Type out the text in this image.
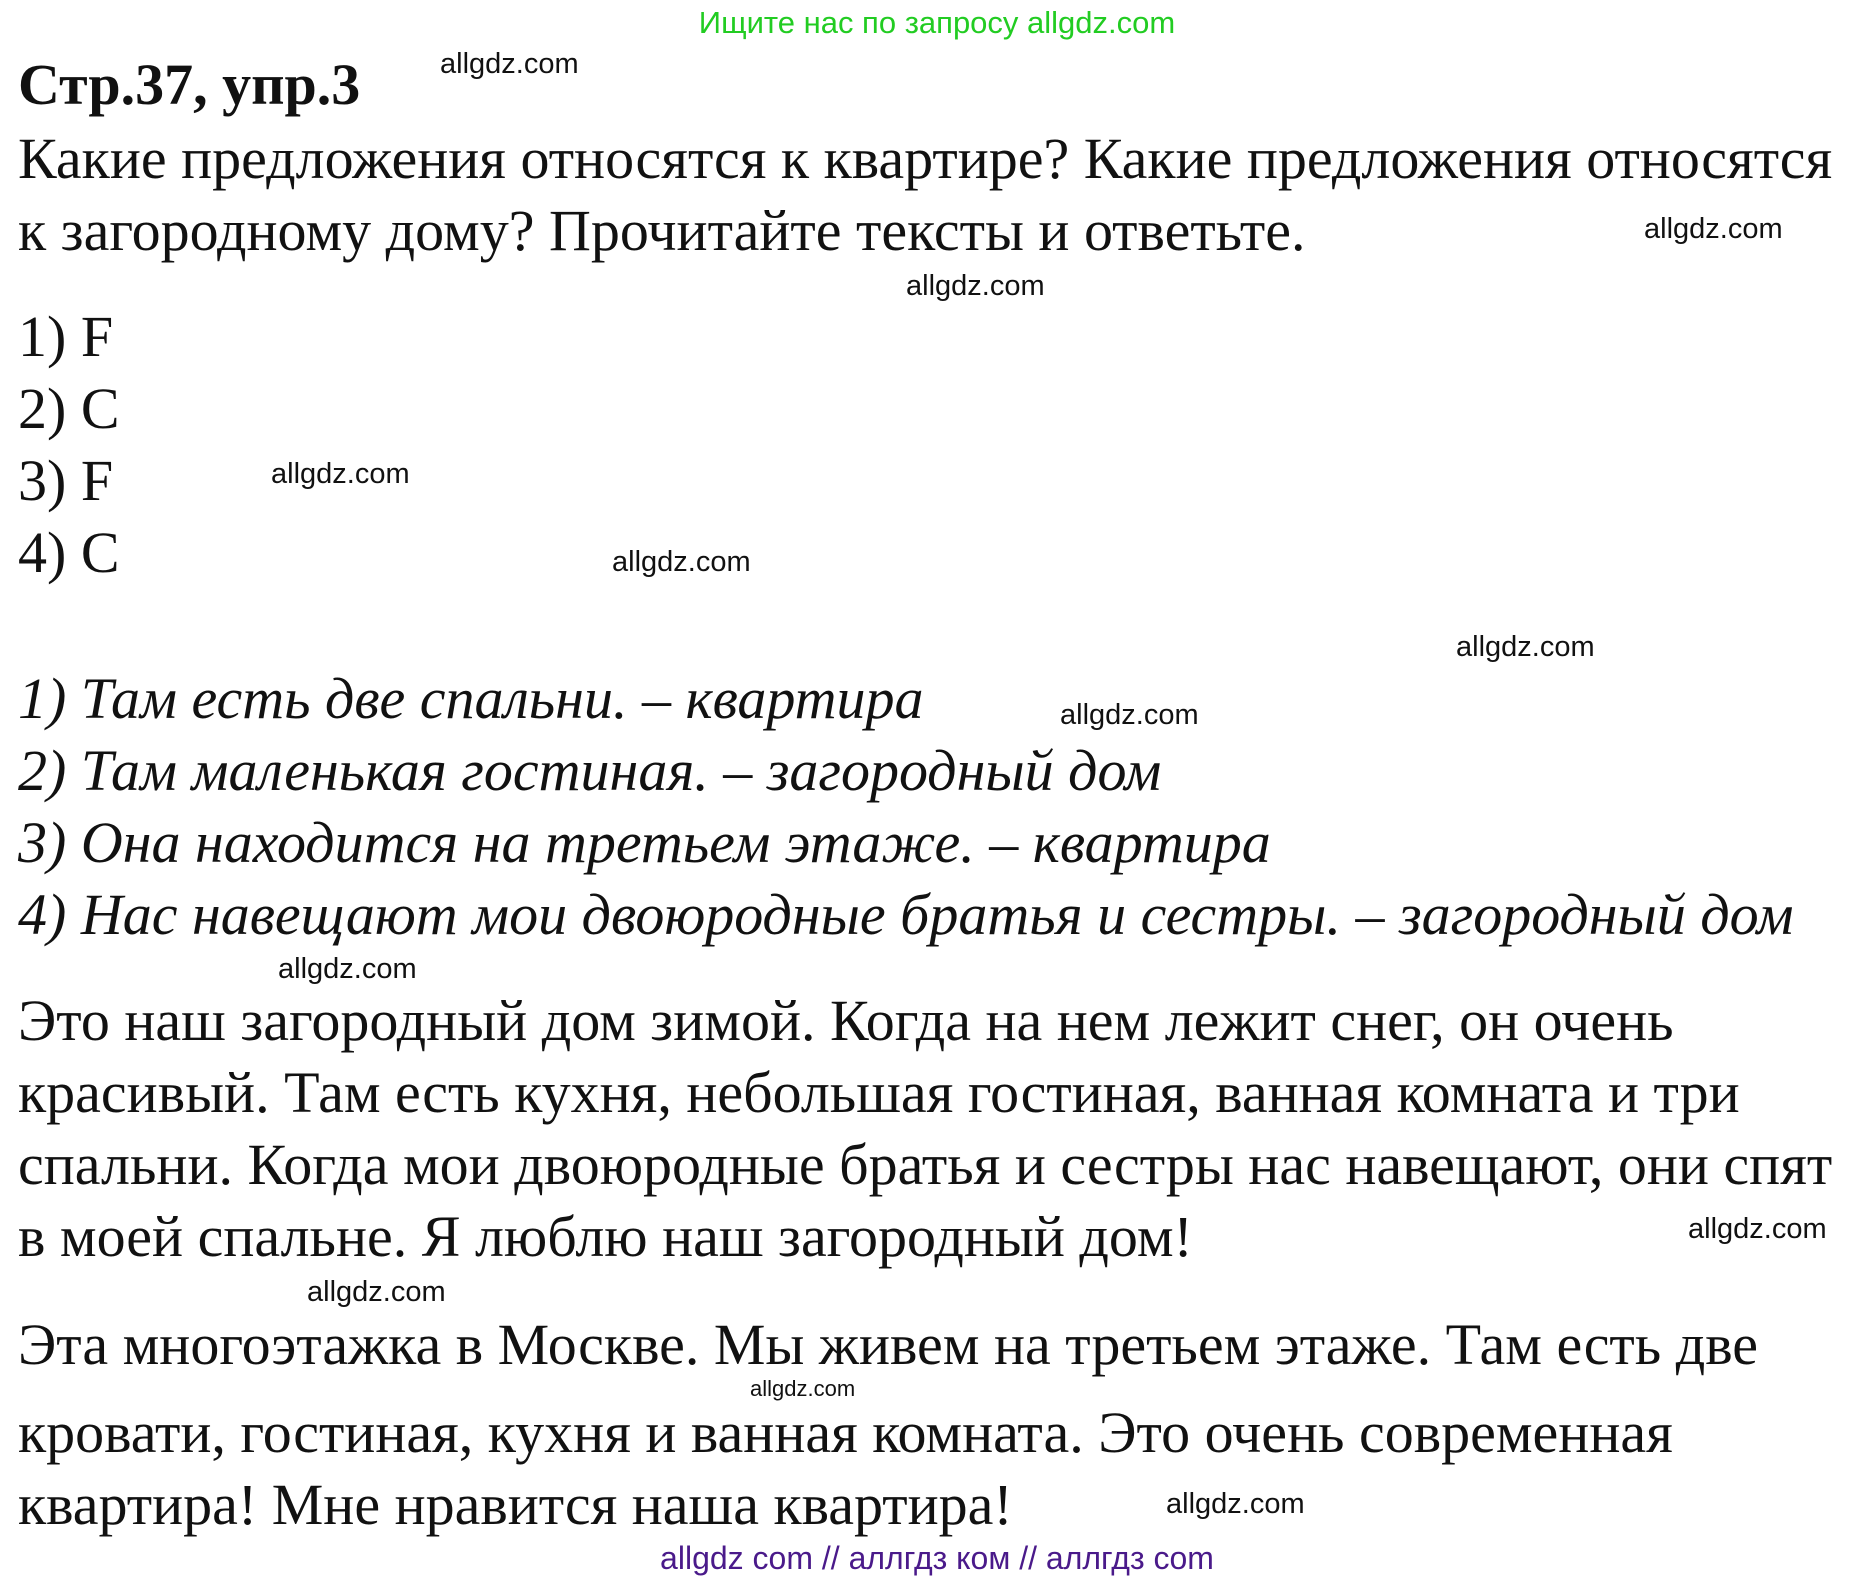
Ищите нас по запросу allgdz.com
Стр.37, упр.3
Какие предложения относятся к квартире? Какие предложения относятся
к загородному дому? Прочитайте тексты и ответьте.
1) F
2) C
3) F
4) C
1) Там есть две спальни. – квартира
2) Там маленькая гостиная. – загородный дом
3) Она находится на третьем этаже. – квартира
4) Нас навещают мои двоюродные братья и сестры. – загородный дом
Это наш загородный дом зимой. Когда на нем лежит снег, он очень
красивый. Там есть кухня, небольшая гостиная, ванная комната и три
спальни. Когда мои двоюродные братья и сестры нас навещают, они спят
в моей спальне. Я люблю наш загородный дом!
Эта многоэтажка в Москве. Мы живем на третьем этаже. Там есть две
кровати, гостиная, кухня и ванная комната. Это очень современная
квартира! Мне нравится наша квартира!
allgdz.com
allgdz.com
allgdz.com
allgdz.com
allgdz.com
allgdz.com
allgdz.com
allgdz.com
allgdz.com
allgdz.com
allgdz.com
allgdz.com
allgdz com // аллгдз ком // аллгдз com
